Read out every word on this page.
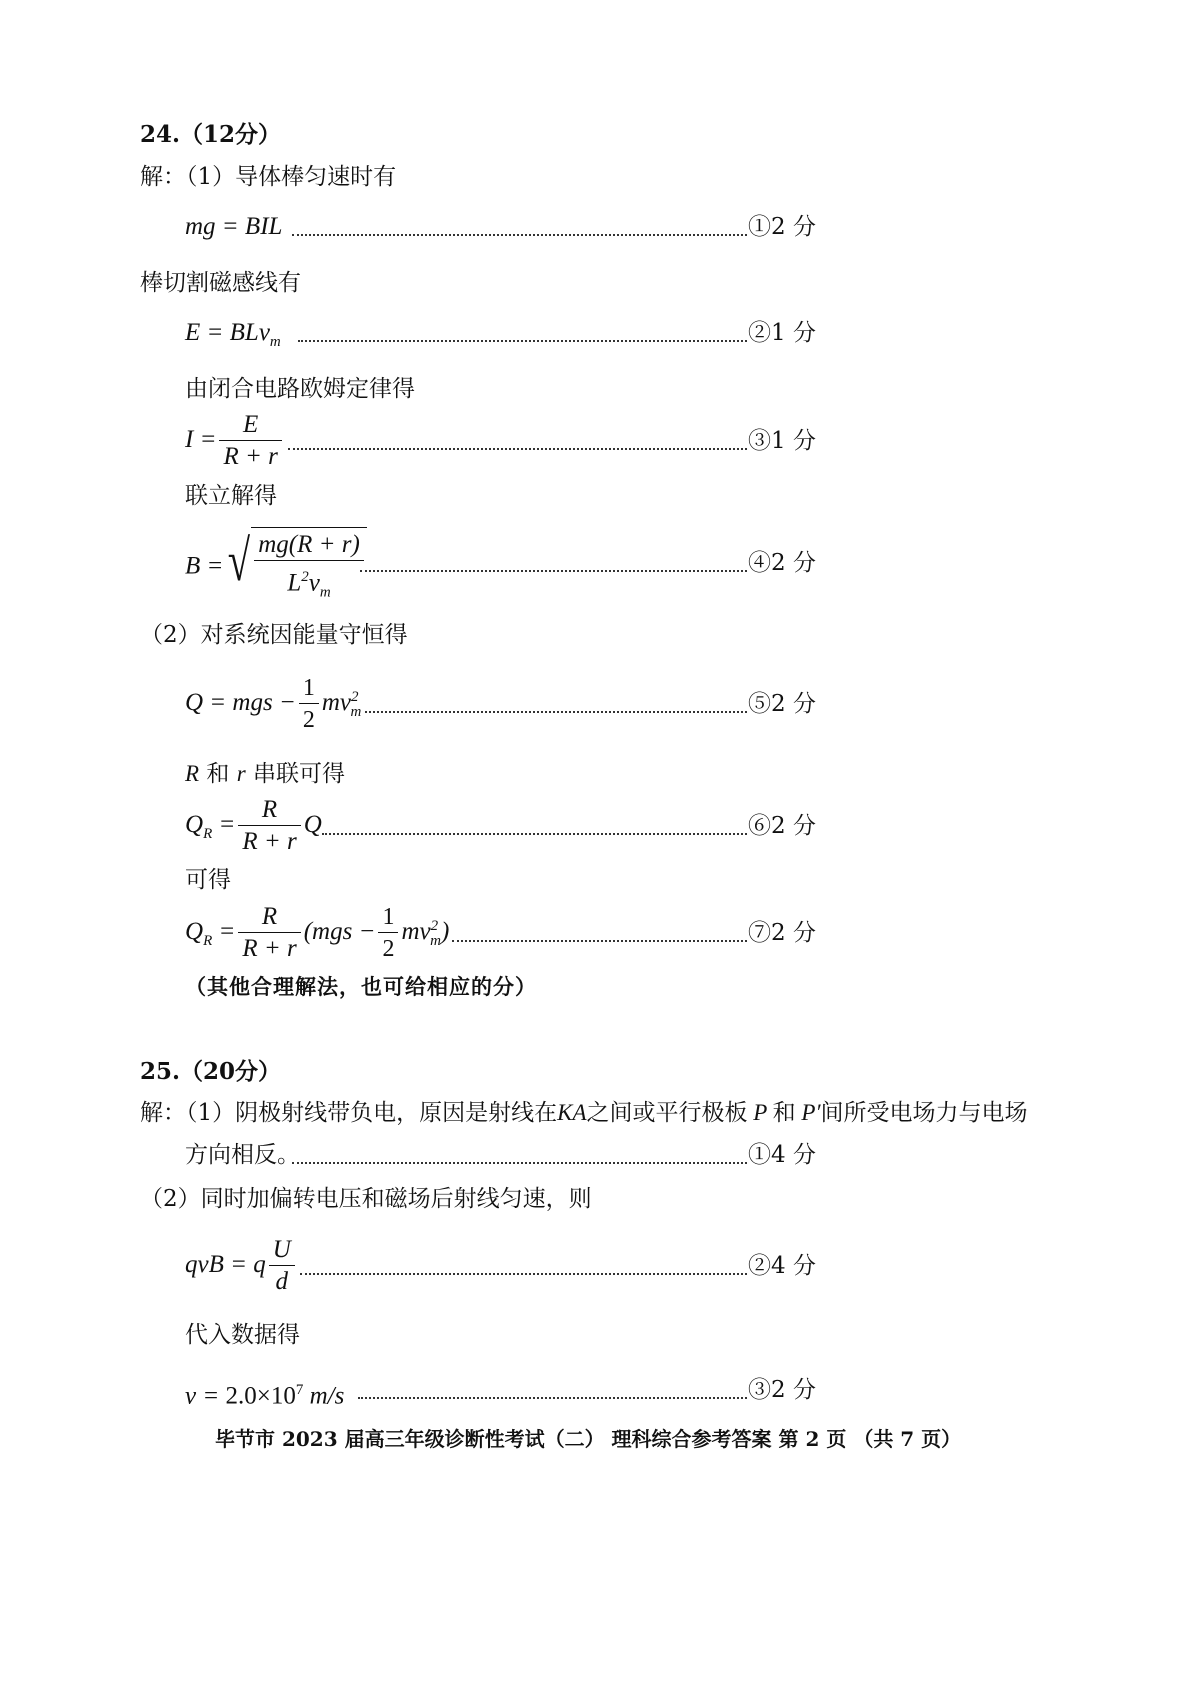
24.（12分）
解：（1）导体棒匀速时有
mg = BIL	①2 分
棒切割磁感线有
E = BLv$_m$	②1 分
由闭合电路欧姆定律得
$I = \frac{E}{R + r}$	③1 分
联立解得
B = √ $\frac{mg(R + r)}{L^2v_m}$	④2 分
（2）对系统因能量守恒得
Q = mgs − $\frac{1}{2} mv^2_m$	⑤2 分
R 和 r 串联可得
$Q_R = \frac{R}{R + r}$ Q	⑥2 分
可得
$Q_R = \frac{R}{R + r} (mgs - \frac{1}{2} mv^2_m)$	⑦2 分
（其他合理解法，也可给相应的分）
25.（20分）
解：（1）阴极射线带负电，原因是射线在KA之间或平行极板 P 和 P′间所受电场力与电场
方向相反。	①4 分
（2）同时加偏转电压和磁场后射线匀速，则
qvB = q $\frac{U}{d}$	②4 分
代入数据得
$v = 2.0\times 10^7$ m/s	③2 分
毕节市 2023 届高三年级诊断性考试（二） 理科综合参考答案 第 2 页 （共 7 页）
